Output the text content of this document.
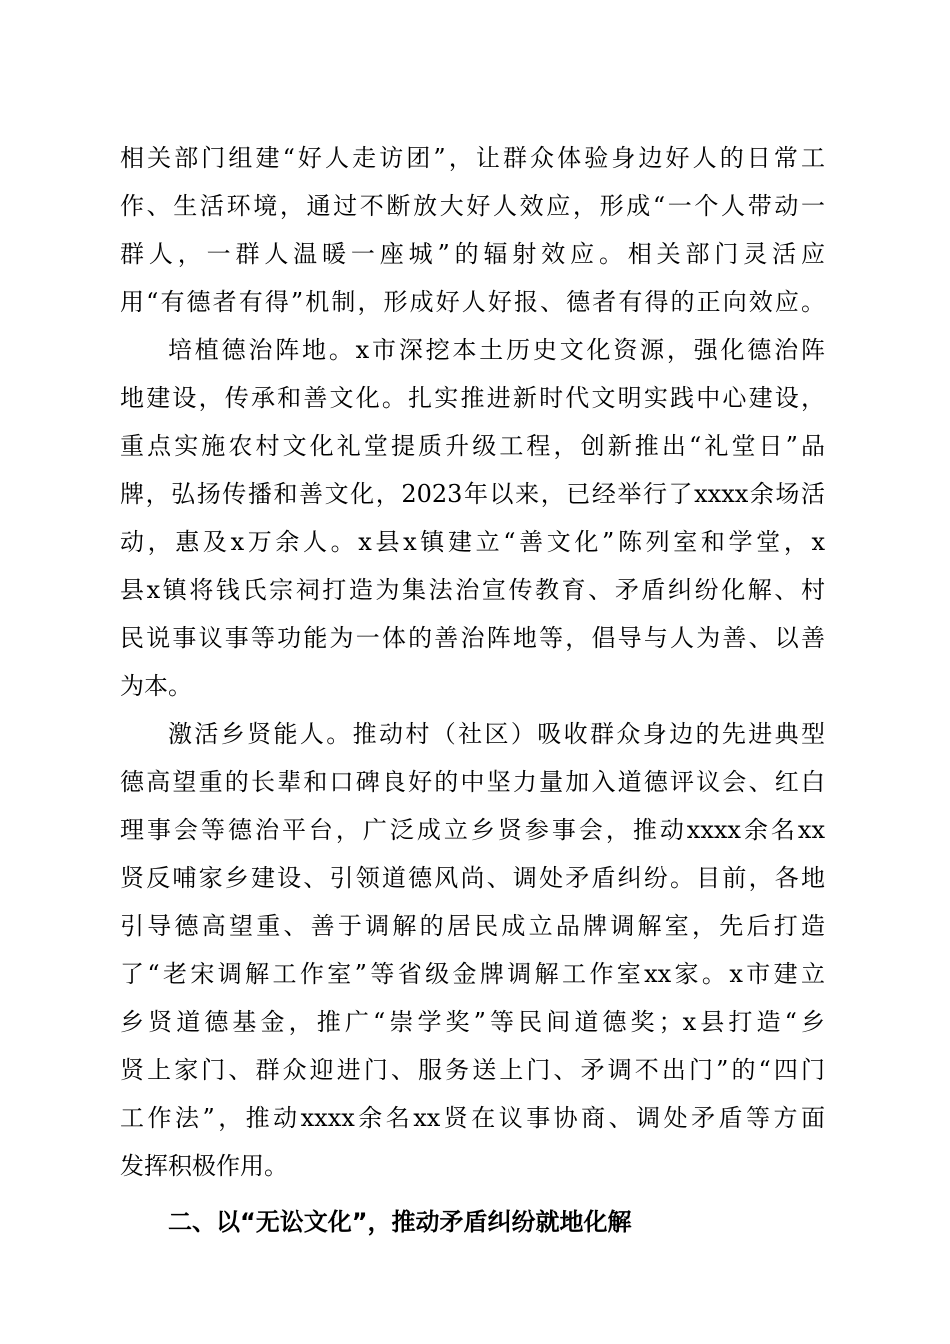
相关部门组建“好人走访团”，让群众体验身边好人的日常工
作、生活环境，通过不断放大好人效应，形成“一个人带动一
群人，一群人温暖一座城”的辐射效应。相关部门灵活应
用“有德者有得”机制，形成好人好报、德者有得的正向效应。
培植德治阵地。x市深挖本土历史文化资源，强化德治阵
地建设，传承和善文化。扎实推进新时代文明实践中心建设，
重点实施农村文化礼堂提质升级工程，创新推出“礼堂日”品
牌，弘扬传播和善文化，2023年以来，已经举行了xxxx余场活
动，惠及x万余人。x县x镇建立“善文化”陈列室和学堂，x
县x镇将钱氏宗祠打造为集法治宣传教育、矛盾纠纷化解、村
民说事议事等功能为一体的善治阵地等，倡导与人为善、以善
为本。
激活乡贤能人。推动村（社区）吸收群众身边的先进典型
德高望重的长辈和口碑良好的中坚力量加入道德评议会、红白
理事会等德治平台，广泛成立乡贤参事会，推动xxxx余名xx
贤反哺家乡建设、引领道德风尚、调处矛盾纠纷。目前，各地
引导德高望重、善于调解的居民成立品牌调解室，先后打造
了“老宋调解工作室”等省级金牌调解工作室xx家。x市建立
乡贤道德基金，推广“崇学奖”等民间道德奖；x县打造“乡
贤上家门、群众迎进门、服务送上门、矛调不出门”的“四门
工作法”，推动xxxx余名xx贤在议事协商、调处矛盾等方面
发挥积极作用。
二、以“无讼文化”，推动矛盾纠纷就地化解
